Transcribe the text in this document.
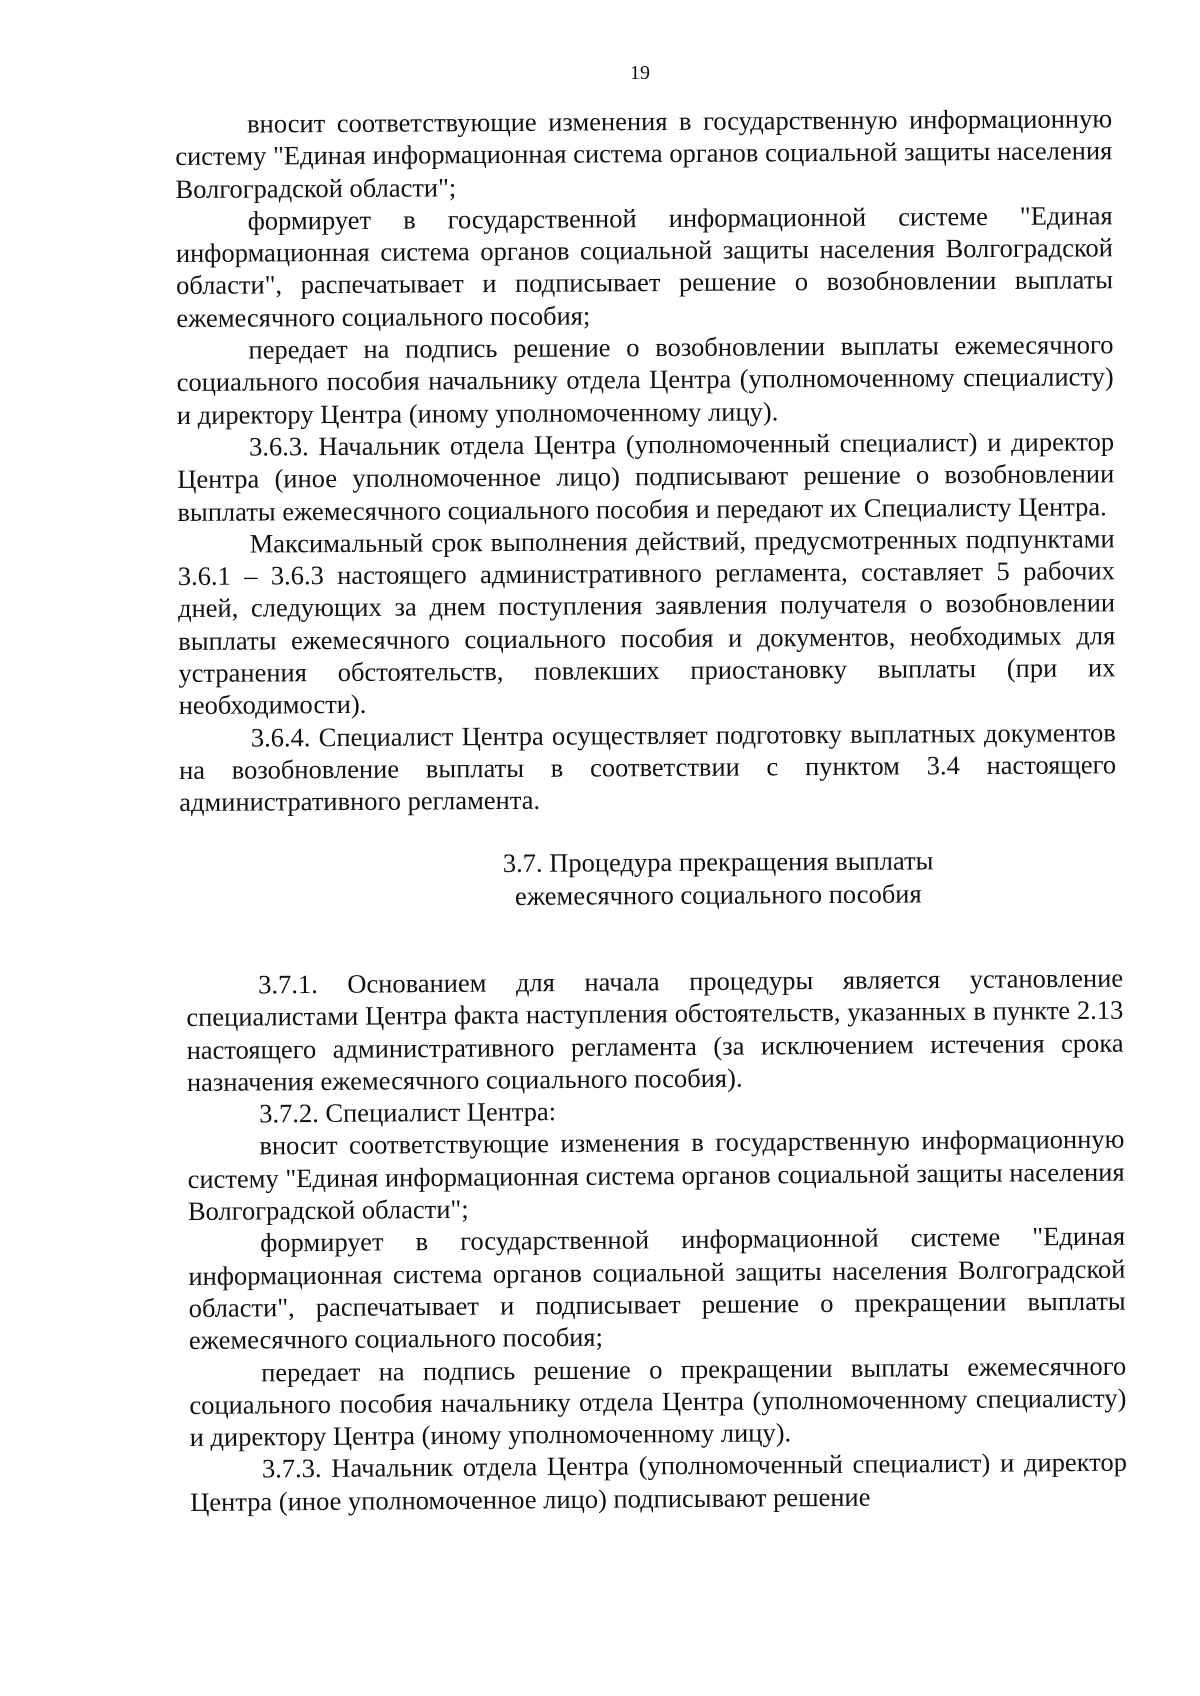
19

вносит соответствующие изменения в государственную информационную систему "Единая информационная система органов социальной защиты населения Волгоградской области";

формирует в государственной информационной системе "Единая информационная система органов социальной защиты населения Волгоградской области", распечатывает и подписывает решение о возобновлении выплаты ежемесячного социального пособия;

передает на подпись решение о возобновлении выплаты ежемесячного социального пособия начальнику отдела Центра (уполномоченному специалисту) и директору Центра (иному уполномоченному лицу).

3.6.3. Начальник отдела Центра (уполномоченный специалист) и директор Центра (иное уполномоченное лицо) подписывают решение о возобновлении выплаты ежемесячного социального пособия и передают их Специалисту Центра.

Максимальный срок выполнения действий, предусмотренных подпунктами 3.6.1 – 3.6.3 настоящего административного регламента, составляет 5 рабочих дней, следующих за днем поступления заявления получателя о возобновлении выплаты ежемесячного социального пособия и документов, необходимых для устранения обстоятельств, повлекших приостановку выплаты (при их необходимости).

3.6.4. Специалист Центра осуществляет подготовку выплатных документов на возобновление выплаты в соответствии с пунктом 3.4 настоящего административного регламента.

3.7. Процедура прекращения выплаты
ежемесячного социального пособия

3.7.1. Основанием для начала процедуры является установление специалистами Центра факта наступления обстоятельств, указанных в пункте 2.13 настоящего административного регламента (за исключением истечения срока назначения ежемесячного социального пособия).

3.7.2. Специалист Центра:

вносит соответствующие изменения в государственную информационную систему "Единая информационная система органов социальной защиты населения Волгоградской области";

формирует в государственной информационной системе "Единая информационная система органов социальной защиты населения Волгоградской области", распечатывает и подписывает решение о прекращении выплаты ежемесячного социального пособия;

передает на подпись решение о прекращении выплаты ежемесячного социального пособия начальнику отдела Центра (уполномоченному специалисту) и директору Центра (иному уполномоченному лицу).

3.7.3. Начальник отдела Центра (уполномоченный специалист) и директор Центра (иное уполномоченное лицо) подписывают решение
